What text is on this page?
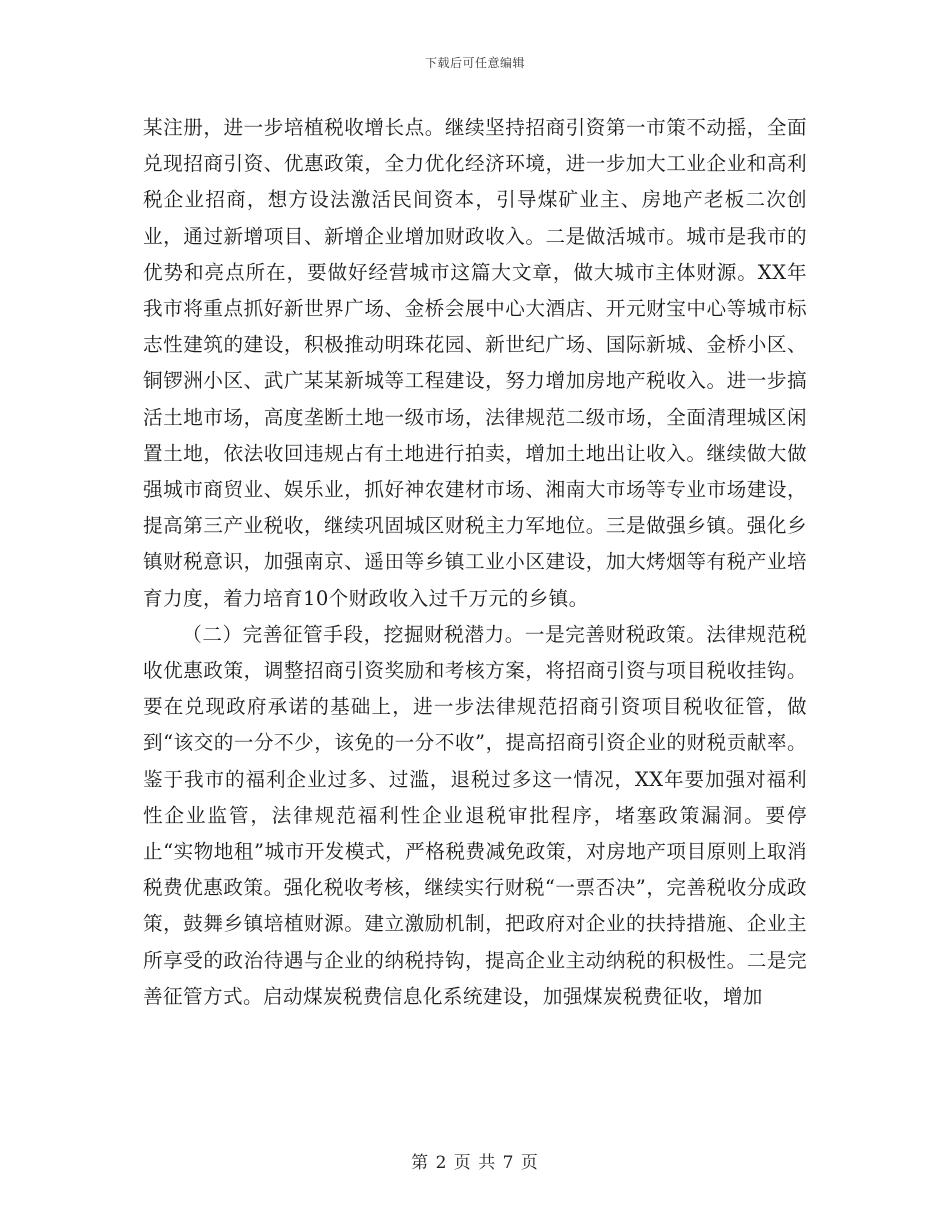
下载后可任意编辑

某注册，进一步培植税收增长点。继续坚持招商引资第一市策不动摇，全面兑现招商引资、优惠政策，全力优化经济环境，进一步加大工业企业和高利税企业招商，想方设法激活民间资本，引导煤矿业主、房地产老板二次创业，通过新增项目、新增企业增加财政收入。二是做活城市。城市是我市的优势和亮点所在，要做好经营城市这篇大文章，做大城市主体财源。XX年我市将重点抓好新世界广场、金桥会展中心大酒店、开元财宝中心等城市标志性建筑的建设，积极推动明珠花园、新世纪广场、国际新城、金桥小区、铜锣洲小区、武广某某新城等工程建设，努力增加房地产税收入。进一步搞活土地市场，高度垄断土地一级市场，法律规范二级市场，全面清理城区闲置土地，依法收回违规占有土地进行拍卖，增加土地出让收入。继续做大做强城市商贸业、娱乐业，抓好神农建材市场、湘南大市场等专业市场建设，提高第三产业税收，继续巩固城区财税主力军地位。三是做强乡镇。强化乡镇财税意识，加强南京、遥田等乡镇工业小区建设，加大烤烟等有税产业培育力度，着力培育10个财政收入过千万元的乡镇。

（二）完善征管手段，挖掘财税潜力。一是完善财税政策。法律规范税收优惠政策，调整招商引资奖励和考核方案，将招商引资与项目税收挂钩。要在兑现政府承诺的基础上，进一步法律规范招商引资项目税收征管，做到“该交的一分不少，该免的一分不收”，提高招商引资企业的财税贡献率。鉴于我市的福利企业过多、过滥，退税过多这一情况，XX年要加强对福利性企业监管，法律规范福利性企业退税审批程序，堵塞政策漏洞。要停止“实物地租”城市开发模式，严格税费减免政策，对房地产项目原则上取消税费优惠政策。强化税收考核，继续实行财税“一票否决”，完善税收分成政策，鼓舞乡镇培植财源。建立激励机制，把政府对企业的扶持措施、企业主所享受的政治待遇与企业的纳税持钩，提高企业主动纳税的积极性。二是完善征管方式。启动煤炭税费信息化系统建设，加强煤炭税费征收，增加

第 2 页 共 7 页
